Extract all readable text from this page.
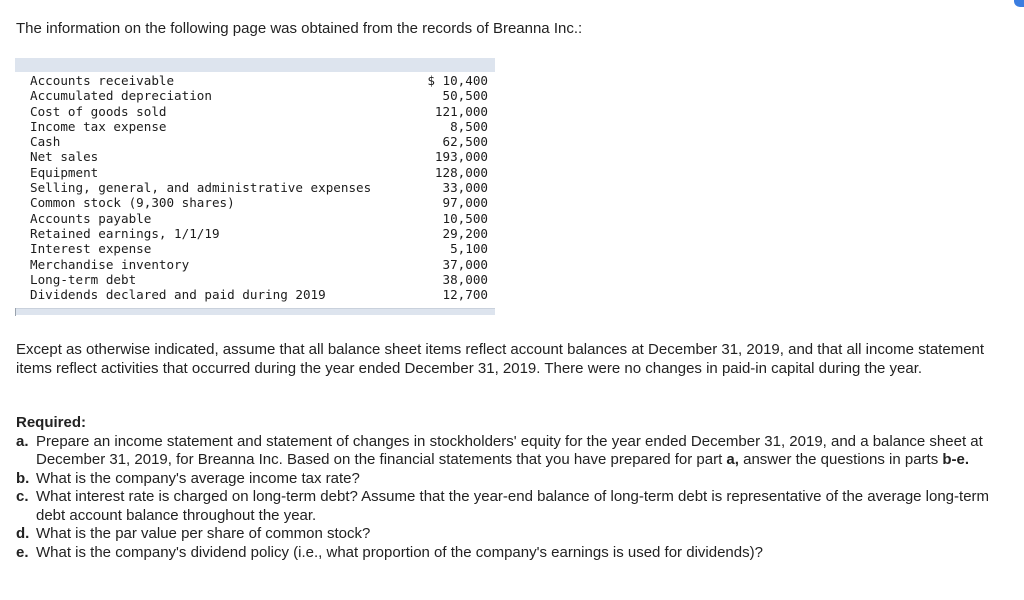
The information on the following page was obtained from the records of Breanna Inc.:
Accounts receivable	$ 10,400
Accumulated depreciation	50,500
Cost of goods sold	121,000
Income tax expense	8,500
Cash	62,500
Net sales	193,000
Equipment	128,000
Selling, general, and administrative expenses	33,000
Common stock (9,300 shares)	97,000
Accounts payable	10,500
Retained earnings, 1/1/19	29,200
Interest expense	5,100
Merchandise inventory	37,000
Long-term debt	38,000
Dividends declared and paid during 2019	12,700
Except as otherwise indicated, assume that all balance sheet items reflect account balances at December 31, 2019, and that all income statement items reflect activities that occurred during the year ended December 31, 2019. There were no changes in paid-in capital during the year.
Required:
a. Prepare an income statement and statement of changes in stockholders' equity for the year ended December 31, 2019, and a balance sheet at December 31, 2019, for Breanna Inc. Based on the financial statements that you have prepared for part a, answer the questions in parts b-e.
b. What is the company's average income tax rate?
c. What interest rate is charged on long-term debt? Assume that the year-end balance of long-term debt is representative of the average long-term debt account balance throughout the year.
d. What is the par value per share of common stock?
e. What is the company's dividend policy (i.e., what proportion of the company's earnings is used for dividends)?
